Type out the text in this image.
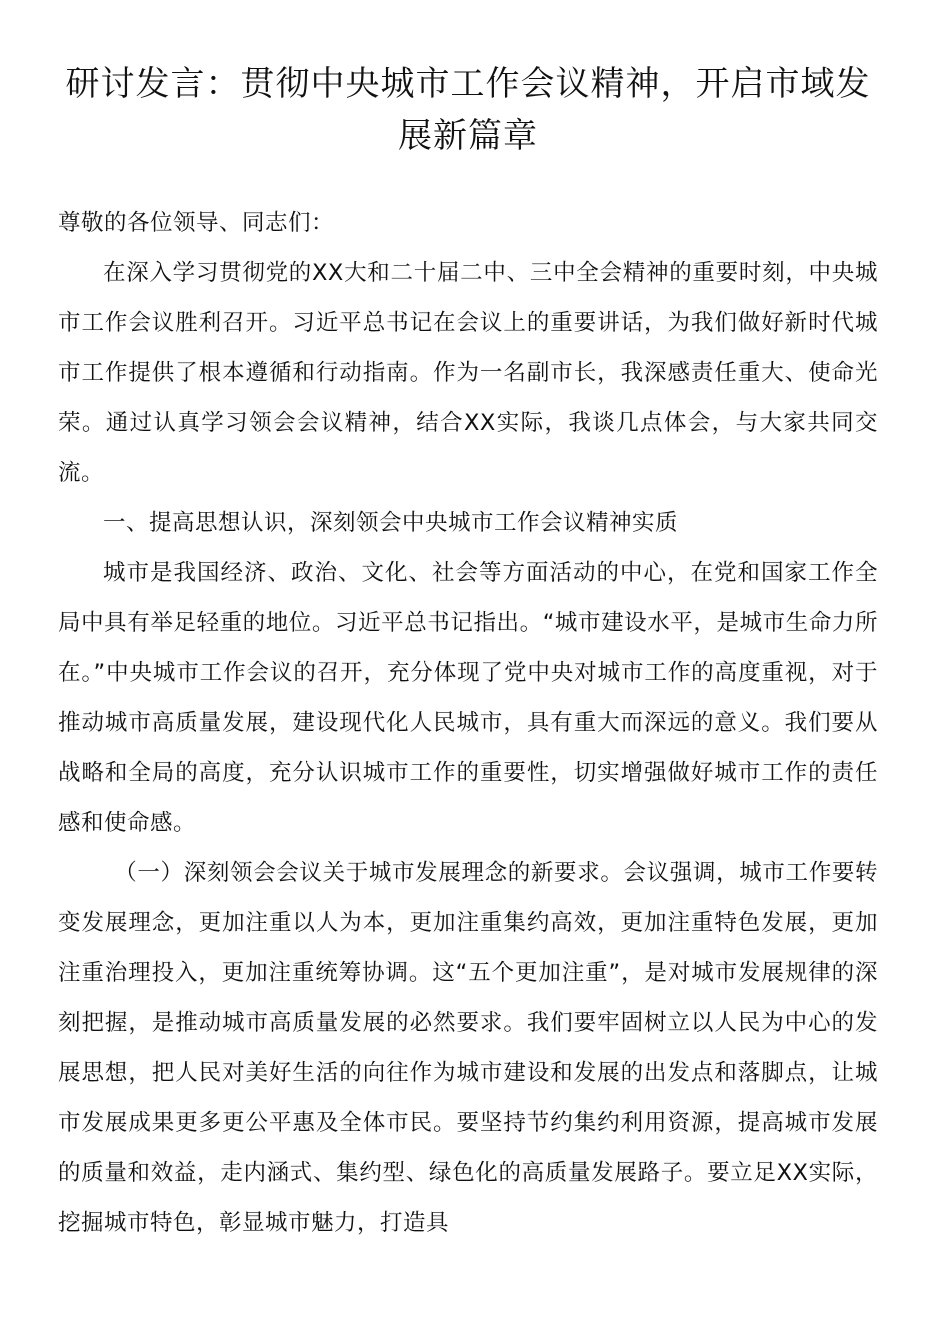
研讨发言：贯彻中央城市工作会议精神，开启市域发展新篇章

尊敬的各位领导、同志们：

在深入学习贯彻党的XX大和二十届二中、三中全会精神的重要时刻，中央城市工作会议胜利召开。习近平总书记在会议上的重要讲话，为我们做好新时代城市工作提供了根本遵循和行动指南。作为一名副市长，我深感责任重大、使命光荣。通过认真学习领会会议精神，结合XX实际，我谈几点体会，与大家共同交流。

一、提高思想认识，深刻领会中央城市工作会议精神实质

城市是我国经济、政治、文化、社会等方面活动的中心，在党和国家工作全局中具有举足轻重的地位。习近平总书记指出。“城市建设水平，是城市生命力所在。”中央城市工作会议的召开，充分体现了党中央对城市工作的高度重视，对于推动城市高质量发展，建设现代化人民城市，具有重大而深远的意义。我们要从战略和全局的高度，充分认识城市工作的重要性，切实增强做好城市工作的责任感和使命感。

（一）深刻领会会议关于城市发展理念的新要求。会议强调，城市工作要转变发展理念，更加注重以人为本，更加注重集约高效，更加注重特色发展，更加注重治理投入，更加注重统筹协调。这“五个更加注重”，是对城市发展规律的深刻把握，是推动城市高质量发展的必然要求。我们要牢固树立以人民为中心的发展思想，把人民对美好生活的向往作为城市建设和发展的出发点和落脚点，让城市发展成果更多更公平惠及全体市民。要坚持节约集约利用资源，提高城市发展的质量和效益，走内涵式、集约型、绿色化的高质量发展路子。要立足XX实际，挖掘城市特色，彰显城市魅力，打造具
